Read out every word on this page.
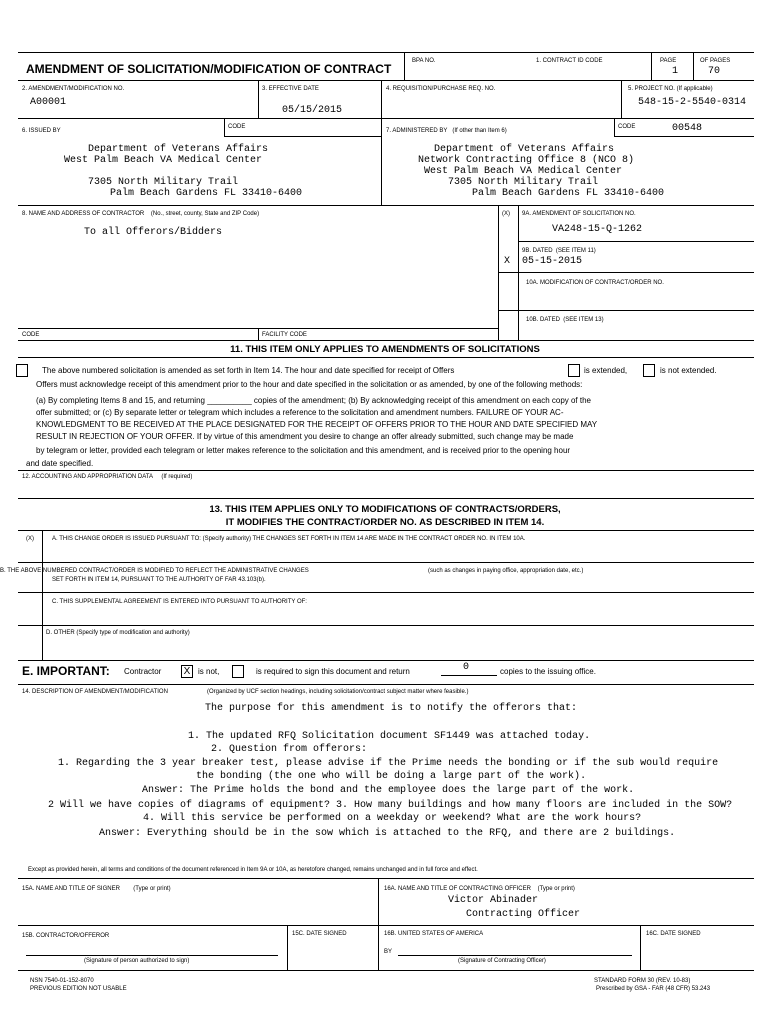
AMENDMENT OF SOLICITATION/MODIFICATION OF CONTRACT
BPA NO.	1. CONTRACT ID CODE	PAGE
1
OF PAGES
70
2. AMENDMENT/MODIFICATION NO.
A00001
3. EFFECTIVE DATE
05/15/2015
4. REQUISITION/PURCHASE REQ. NO.	5. PROJECT NO. (If applicable)
548-15-2-5540-0314
6. ISSUED BY
CODE
Department of Veterans Affairs
West Palm Beach VA Medical Center
7305 North Military Trail
Palm Beach Gardens FL 33410-6400
7. ADMINISTERED BY (If other than Item 6)
CODE	00548
Department of Veterans Affairs
Network Contracting Office 8 (NCO 8)
West Palm Beach VA Medical Center
7305 North Military Trail
Palm Beach Gardens FL 33410-6400
8. NAME AND ADDRESS OF CONTRACTOR (No., street, county, State and ZIP Code)
To all Offerors/Bidders
(X) 9A. AMENDMENT OF SOLICITATION NO.
VA248-15-Q-1262
9B. DATED (SEE ITEM 11)
X 05-15-2015
10A. MODIFICATION OF CONTRACT/ORDER NO.
10B. DATED (SEE ITEM 13)
CODE	FACILITY CODE
11. THIS ITEM ONLY APPLIES TO AMENDMENTS OF SOLICITATIONS
The above numbered solicitation is amended as set forth in Item 14. The hour and date specified for receipt of Offers	is extended,	is not extended.
Offers must acknowledge receipt of this amendment prior to the hour and date specified in the solicitation or as amended, by one of the following methods:
(a) By completing Items 8 and 15, and returning __________ copies of the amendment; (b) By acknowledging receipt of this amendment on each copy of the
offer submitted; or (c) By separate letter or telegram which includes a reference to the solicitation and amendment numbers. FAILURE OF YOUR AC-
KNOWLEDGMENT TO BE RECEIVED AT THE PLACE DESIGNATED FOR THE RECEIPT OF OFFERS PRIOR TO THE HOUR AND DATE SPECIFIED MAY
RESULT IN REJECTION OF YOUR OFFER. If by virtue of this amendment you desire to change an offer already submitted, such change may be made
by telegram or letter, provided each telegram or letter makes reference to the solicitation and this amendment, and is received prior to the opening hour
and date specified.
12. ACCOUNTING AND APPROPRIATION DATA (If required)
13. THIS ITEM APPLIES ONLY TO MODIFICATIONS OF CONTRACTS/ORDERS,
IT MODIFIES THE CONTRACT/ORDER NO. AS DESCRIBED IN ITEM 14.
(X)	A. THIS CHANGE ORDER IS ISSUED PURSUANT TO: (Specify authority) THE CHANGES SET FORTH IN ITEM 14 ARE MADE IN THE CONTRACT ORDER NO. IN ITEM 10A.
B. THE ABOVE NUMBERED CONTRACT/ORDER IS MODIFIED TO REFLECT THE ADMINISTRATIVE CHANGES	(such as changes in paying office, appropriation date, etc.)
SET FORTH IN ITEM 14, PURSUANT TO THE AUTHORITY OF FAR 43.103(b).
C. THIS SUPPLEMENTAL AGREEMENT IS ENTERED INTO PURSUANT TO AUTHORITY OF:
D. OTHER (Specify type of modification and authority)
E. IMPORTANT: Contractor X is not,	is required to sign this document and return	0	copies to the issuing office.
14. DESCRIPTION OF AMENDMENT/MODIFICATION	(Organized by UCF section headings, including solicitation/contract subject matter where feasible.)
The purpose for this amendment is to notify the offerors that:
1. The updated RFQ Solicitation document SF1449 was attached today.
2. Question from offerors:
1. Regarding the 3 year breaker test, please advise if the Prime needs the bonding or if the sub would require
the bonding (the one who will be doing a large part of the work).
Answer: The Prime holds the bond and the employee does the large part of the work.
2 Will we have copies of diagrams of equipment? 3. How many buildings and how many floors are included in the SOW?
4. Will this service be performed on a weekday or weekend? What are the work hours?
Answer: Everything should be in the sow which is attached to the RFQ, and there are 2 buildings.
Except as provided herein, all terms and conditions of the document referenced in Item 9A or 10A, as heretofore changed, remains unchanged and in full force and effect.
15A. NAME AND TITLE OF SIGNER (Type or print)	16A. NAME AND TITLE OF CONTRACTING OFFICER (Type or print)
Victor Abinader
Contracting Officer
15B. CONTRACTOR/OFFEROR	15C. DATE SIGNED	16B. UNITED STATES OF AMERICA	16C. DATE SIGNED
BY
(Signature of person authorized to sign)	(Signature of Contracting Officer)
NSN 7540-01-152-8070
PREVIOUS EDITION NOT USABLE
STANDARD FORM 30 (REV. 10-83)
Prescribed by GSA - FAR (48 CFR) 53.243
